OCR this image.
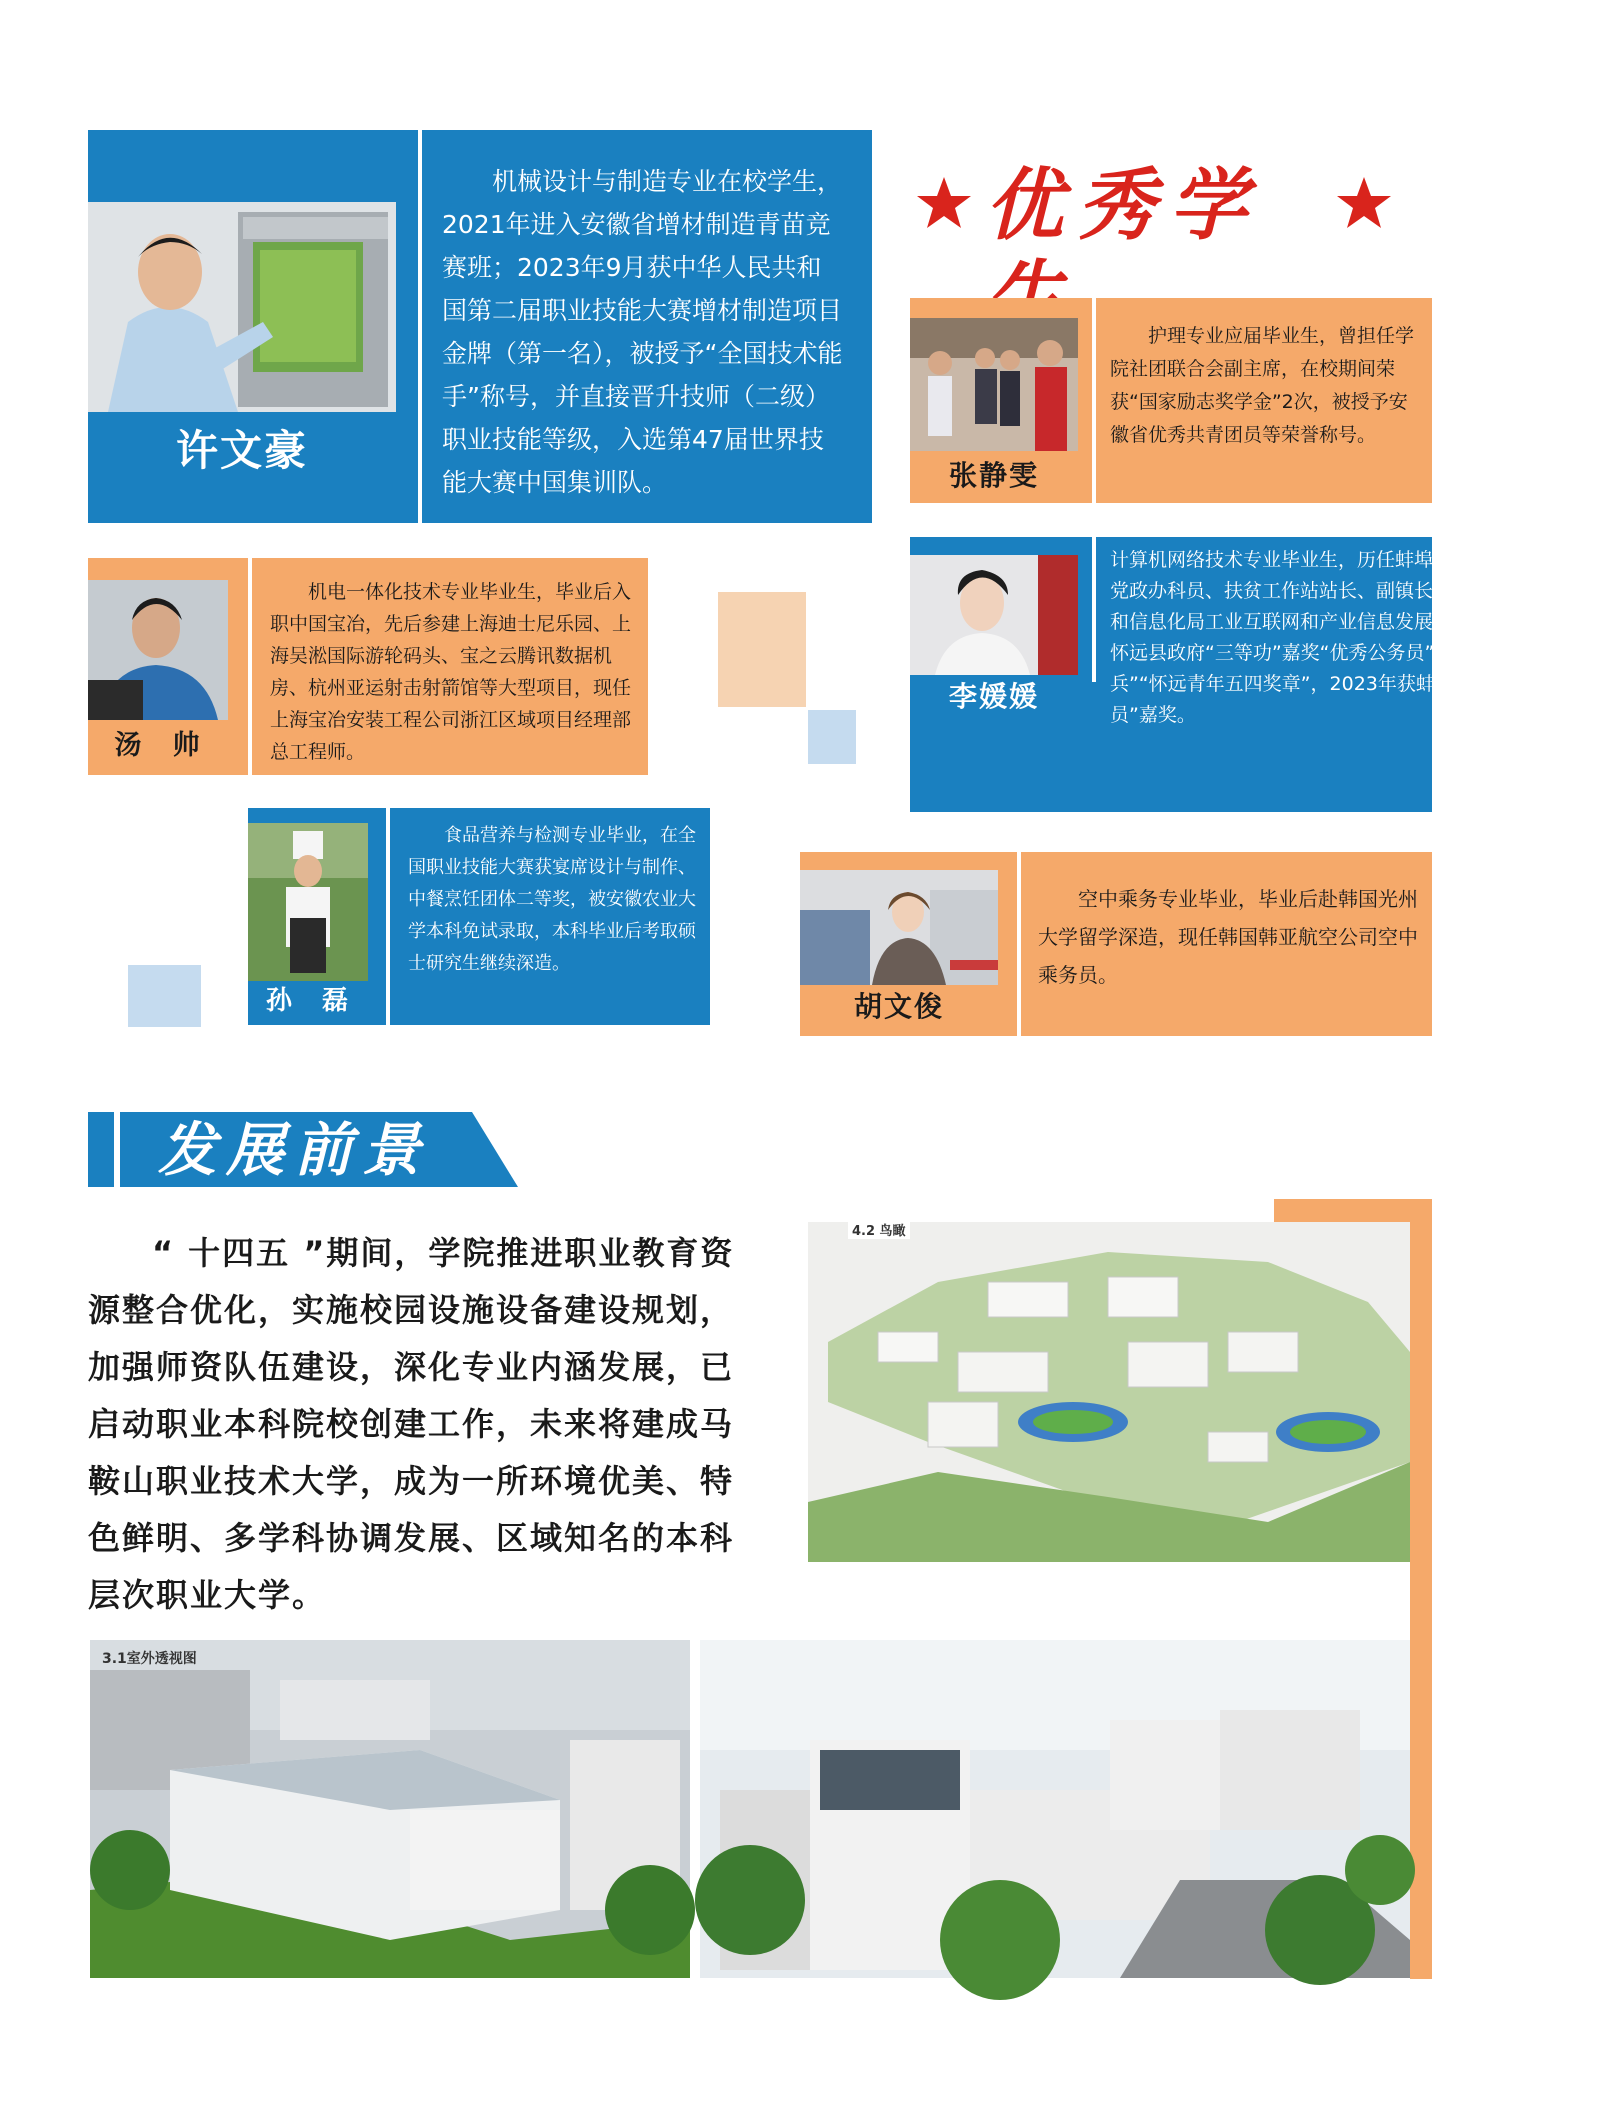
许文豪
机械设计与制造专业在校学生，2021年进入安徽省增材制造青苗竞赛班；2023年9月获中华人民共和国第二届职业技能大赛增材制造项目金牌（第一名），被授予“全国技术能手”称号，并直接晋升技师（二级）职业技能等级，入选第47届世界技能大赛中国集训队。
优秀学
张静雯
护理专业应届毕业生，曾担任学院社团联合会副主席，在校期间荣获“国家励志奖学金”2次，被授予安徽省优秀共青团员等荣誉称号。
李媛媛
计算机网络技术专业毕业生，历任蚌埠市怀远县白莲坡镇党政办科员、扶贫工作站站长、副镇长，现任蚌埠市工业和信息化局工业互联网和产业信息发展科副科长，先后获怀远县政府“三等功”嘉奖“优秀公务员”“脱贫攻坚工作标兵”“怀远青年五四奖章”，2023年获蚌埠市“优秀公务员”嘉奖。
汤　帅
机电一体化技术专业毕业生，毕业后入职中国宝冶，先后参建上海迪士尼乐园、上海吴淞国际游轮码头、宝之云腾讯数据机房、杭州亚运射击射箭馆等大型项目，现任上海宝冶安装工程公司浙江区域项目经理部总工程师。
孙　磊
食品营养与检测专业毕业，在全国职业技能大赛获宴席设计与制作、中餐烹饪团体二等奖，被安徽农业大学本科免试录取，本科毕业后考取硕士研究生继续深造。
胡文俊
空中乘务专业毕业，毕业后赴韩国光州大学留学深造，现任韩国韩亚航空公司空中乘务员。
发展前景
“ 十四五 ”期间，学院推进职业教育资源整合优化，实施校园设施设备建设规划，加强师资队伍建设，深化专业内涵发展，已启动职业本科院校创建工作，未来将建成马鞍山职业技术大学，成为一所环境优美、特色鲜明、多学科协调发展、区域知名的本科层次职业大学。
4.2 鸟瞰
3.1室外透视图
